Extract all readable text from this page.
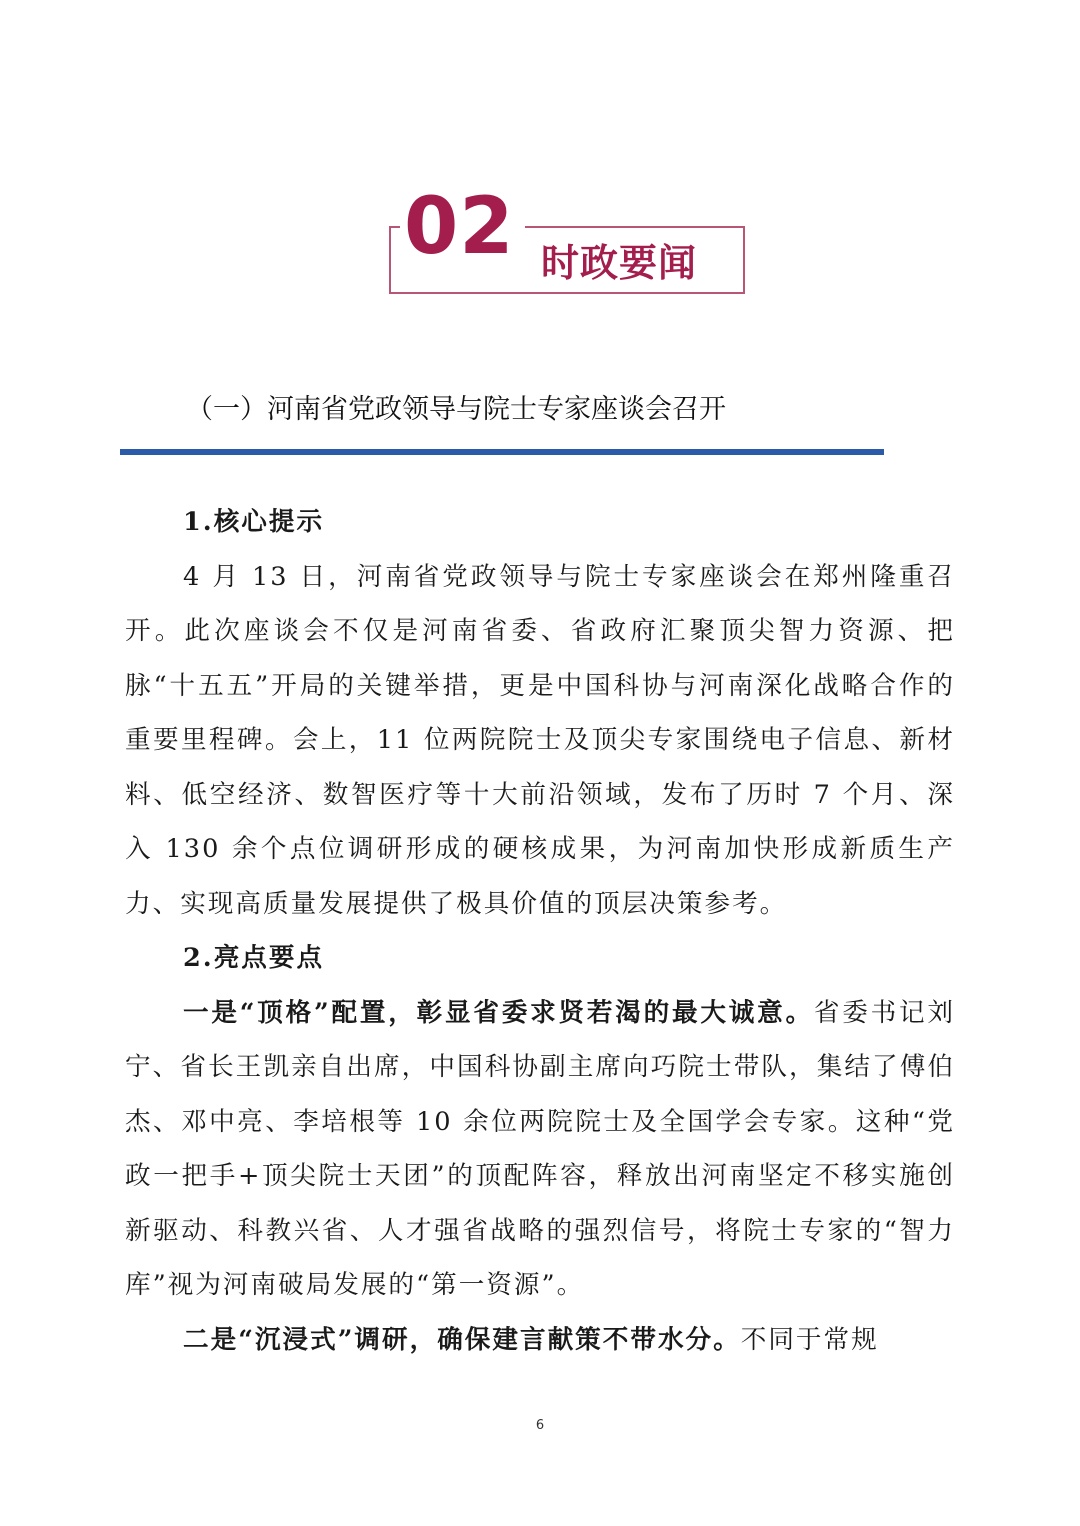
02 时政要闻
（一）河南省党政领导与院士专家座谈会召开

1.核心提示

4 月 13 日，河南省党政领导与院士专家座谈会在郑州隆重召开。此次座谈会不仅是河南省委、省政府汇聚顶尖智力资源、把脉“十五五”开局的关键举措，更是中国科协与河南深化战略合作的重要里程碑。会上，11 位两院院士及顶尖专家围绕电子信息、新材料、低空经济、数智医疗等十大前沿领域，发布了历时 7 个月、深入 130 余个点位调研形成的硬核成果，为河南加快形成新质生产力、实现高质量发展提供了极具价值的顶层决策参考。

2.亮点要点

一是“顶格”配置，彰显省委求贤若渴的最大诚意。省委书记刘宁、省长王凯亲自出席，中国科协副主席向巧院士带队，集结了傅伯杰、邓中亮、李培根等 10 余位两院院士及全国学会专家。这种“党政一把手+顶尖院士天团”的顶配阵容，释放出河南坚定不移实施创新驱动、科教兴省、人才强省战略的强烈信号，将院士专家的“智力库”视为河南破局发展的“第一资源”。

二是“沉浸式”调研，确保建言献策不带水分。不同于常规

6
